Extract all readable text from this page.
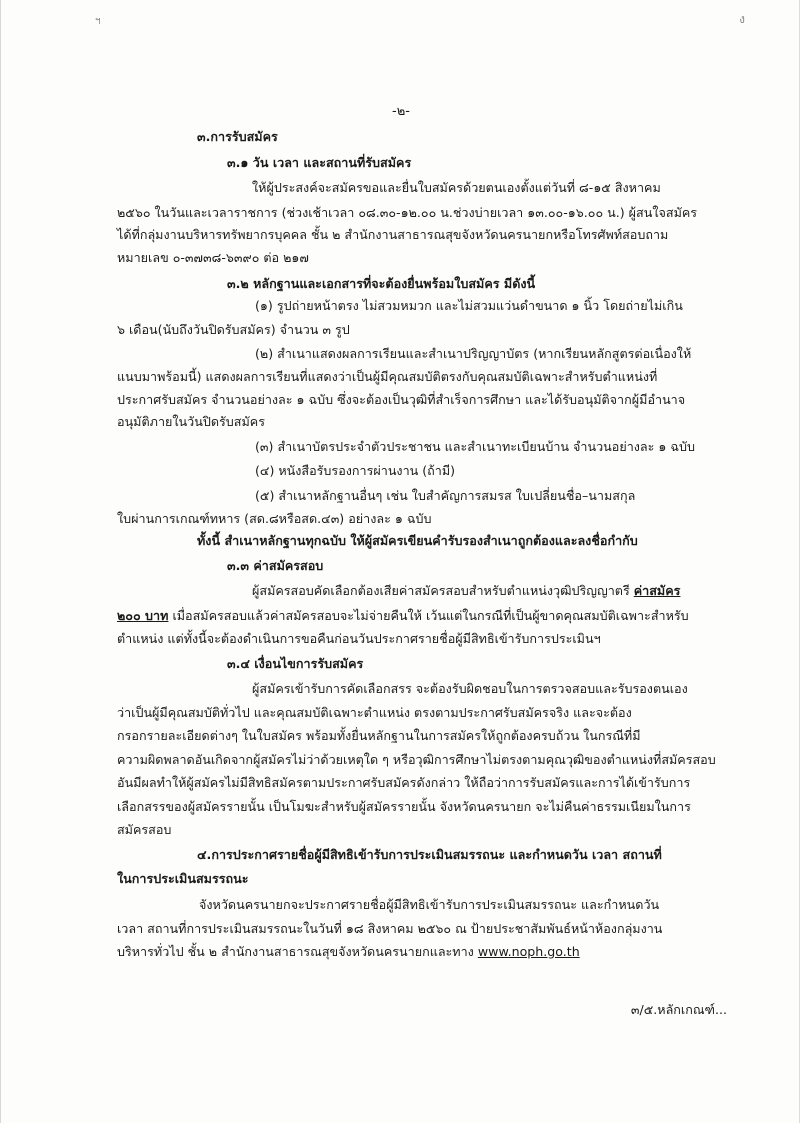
ฯ	ง
-๒-
๓.การรับสมัคร
๓.๑ วัน เวลา และสถานที่รับสมัคร
ให้ผู้ประสงค์จะสมัครขอและยื่นใบสมัครด้วยตนเองตั้งแต่วันที่ ๘-๑๕ สิงหาคม
๒๕๖๐ ในวันและเวลาราชการ (ช่วงเช้าเวลา ๐๘.๓๐-๑๒.๐๐ น.ช่วงบ่ายเวลา ๑๓.๐๐-๑๖.๐๐ น.) ผู้สนใจสมัคร
ได้ที่กลุ่มงานบริหารทรัพยากรบุคคล ชั้น ๒ สำนักงานสาธารณสุขจังหวัดนครนายกหรือโทรศัพท์สอบถาม
หมายเลข ๐-๓๗๓๘-๖๓๙๐ ต่อ ๒๑๗
๓.๒ หลักฐานและเอกสารที่จะต้องยื่นพร้อมใบสมัคร มีดังนี้
(๑) รูปถ่ายหน้าตรง ไม่สวมหมวก และไม่สวมแว่นดำขนาด ๑ นิ้ว โดยถ่ายไม่เกิน
๖ เดือน(นับถึงวันปิดรับสมัคร) จำนวน ๓ รูป
(๒) สำเนาแสดงผลการเรียนและสำเนาปริญญาบัตร (หากเรียนหลักสูตรต่อเนื่องให้
แนบมาพร้อมนี้) แสดงผลการเรียนที่แสดงว่าเป็นผู้มีคุณสมบัติตรงกับคุณสมบัติเฉพาะสำหรับตำแหน่งที่
ประกาศรับสมัคร จำนวนอย่างละ ๑ ฉบับ ซึ่งจะต้องเป็นวุฒิที่สำเร็จการศึกษา และได้รับอนุมัติจากผู้มีอำนาจ
อนุมัติภายในวันปิดรับสมัคร
(๓) สำเนาบัตรประจำตัวประชาชน และสำเนาทะเบียนบ้าน จำนวนอย่างละ ๑ ฉบับ
(๔) หนังสือรับรองการผ่านงาน (ถ้ามี)
(๕) สำเนาหลักฐานอื่นๆ เช่น ใบสำคัญการสมรส ใบเปลี่ยนชื่อ–นามสกุล
ใบผ่านการเกณฑ์ทหาร (สด.๘หรือสด.๔๓) อย่างละ ๑ ฉบับ
ทั้งนี้ สำเนาหลักฐานทุกฉบับ ให้ผู้สมัครเขียนคำรับรองสำเนาถูกต้องและลงชื่อกำกับ
๓.๓ ค่าสมัครสอบ
ผู้สมัครสอบคัดเลือกต้องเสียค่าสมัครสอบสำหรับตำแหน่งวุฒิปริญญาตรี ค่าสมัคร
๒๐๐ บาท เมื่อสมัครสอบแล้วค่าสมัครสอบจะไม่จ่ายคืนให้ เว้นแต่ในกรณีที่เป็นผู้ขาดคุณสมบัติเฉพาะสำหรับ
ตำแหน่ง แต่ทั้งนี้จะต้องดำเนินการขอคืนก่อนวันประกาศรายชื่อผู้มีสิทธิเข้ารับการประเมินฯ
๓.๔ เงื่อนไขการรับสมัคร
ผู้สมัครเข้ารับการคัดเลือกสรร จะต้องรับผิดชอบในการตรวจสอบและรับรองตนเอง
ว่าเป็นผู้มีคุณสมบัติทั่วไป และคุณสมบัติเฉพาะตำแหน่ง ตรงตามประกาศรับสมัครจริง และจะต้อง
กรอกรายละเอียดต่างๆ ในใบสมัคร พร้อมทั้งยื่นหลักฐานในการสมัครให้ถูกต้องครบถ้วน ในกรณีที่มี
ความผิดพลาดอันเกิดจากผู้สมัครไม่ว่าด้วยเหตุใด ๆ หรือวุฒิการศึกษาไม่ตรงตามคุณวุฒิของตำแหน่งที่สมัครสอบ
อันมีผลทำให้ผู้สมัครไม่มีสิทธิสมัครตามประกาศรับสมัครดังกล่าว ให้ถือว่าการรับสมัครและการได้เข้ารับการ
เลือกสรรของผู้สมัครรายนั้น เป็นโมฆะสำหรับผู้สมัครรายนั้น จังหวัดนครนายก จะไม่คืนค่าธรรมเนียมในการ
สมัครสอบ
๔.การประกาศรายชื่อผู้มีสิทธิเข้ารับการประเมินสมรรถนะ และกำหนดวัน เวลา สถานที่
ในการประเมินสมรรถนะ
จังหวัดนครนายกจะประกาศรายชื่อผู้มีสิทธิเข้ารับการประเมินสมรรถนะ และกำหนดวัน
เวลา สถานที่การประเมินสมรรถนะในวันที่ ๑๘ สิงหาคม ๒๕๖๐ ณ ป้ายประชาสัมพันธ์หน้าห้องกลุ่มงาน
บริหารทั่วไป ชั้น ๒ สำนักงานสาธารณสุขจังหวัดนครนายกและทาง www.noph.go.th
๓/๕.หลักเกณฑ์...
